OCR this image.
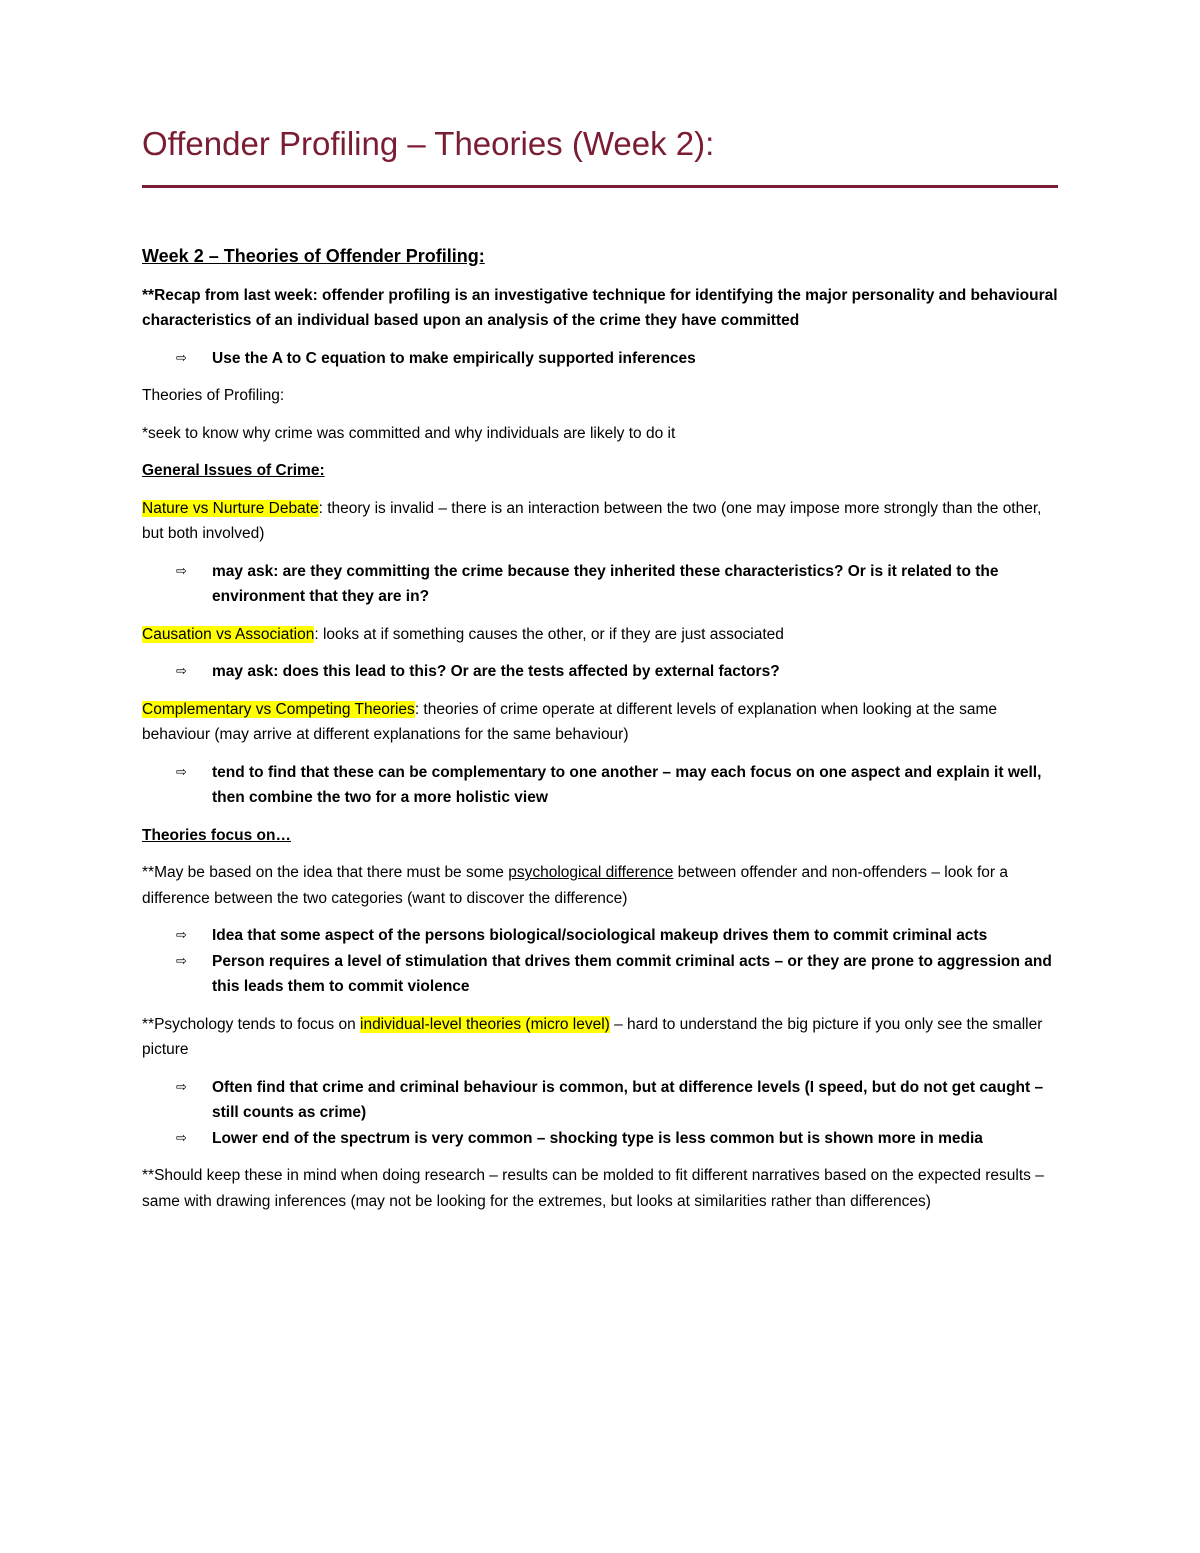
Offender Profiling – Theories (Week 2):

Week 2 – Theories of Offender Profiling:

**Recap from last week: offender profiling is an investigative technique for identifying the major personality and behavioural characteristics of an individual based upon an analysis of the crime they have committed

⇨ Use the A to C equation to make empirically supported inferences

Theories of Profiling:

*seek to know why crime was committed and why individuals are likely to do it

General Issues of Crime:

Nature vs Nurture Debate: theory is invalid – there is an interaction between the two (one may impose more strongly than the other, but both involved)

⇨ may ask: are they committing the crime because they inherited these characteristics? Or is it related to the environment that they are in?

Causation vs Association: looks at if something causes the other, or if they are just associated

⇨ may ask: does this lead to this? Or are the tests affected by external factors?

Complementary vs Competing Theories: theories of crime operate at different levels of explanation when looking at the same behaviour (may arrive at different explanations for the same behaviour)

⇨ tend to find that these can be complementary to one another – may each focus on one aspect and explain it well, then combine the two for a more holistic view

Theories focus on…

**May be based on the idea that there must be some psychological difference between offender and non-offenders – look for a difference between the two categories (want to discover the difference)

⇨ Idea that some aspect of the persons biological/sociological makeup drives them to commit criminal acts
⇨ Person requires a level of stimulation that drives them commit criminal acts – or they are prone to aggression and this leads them to commit violence

**Psychology tends to focus on individual-level theories (micro level) – hard to understand the big picture if you only see the smaller picture

⇨ Often find that crime and criminal behaviour is common, but at difference levels (I speed, but do not get caught – still counts as crime)
⇨ Lower end of the spectrum is very common – shocking type is less common but is shown more in media

**Should keep these in mind when doing research – results can be molded to fit different narratives based on the expected results – same with drawing inferences (may not be looking for the extremes, but looks at similarities rather than differences)
